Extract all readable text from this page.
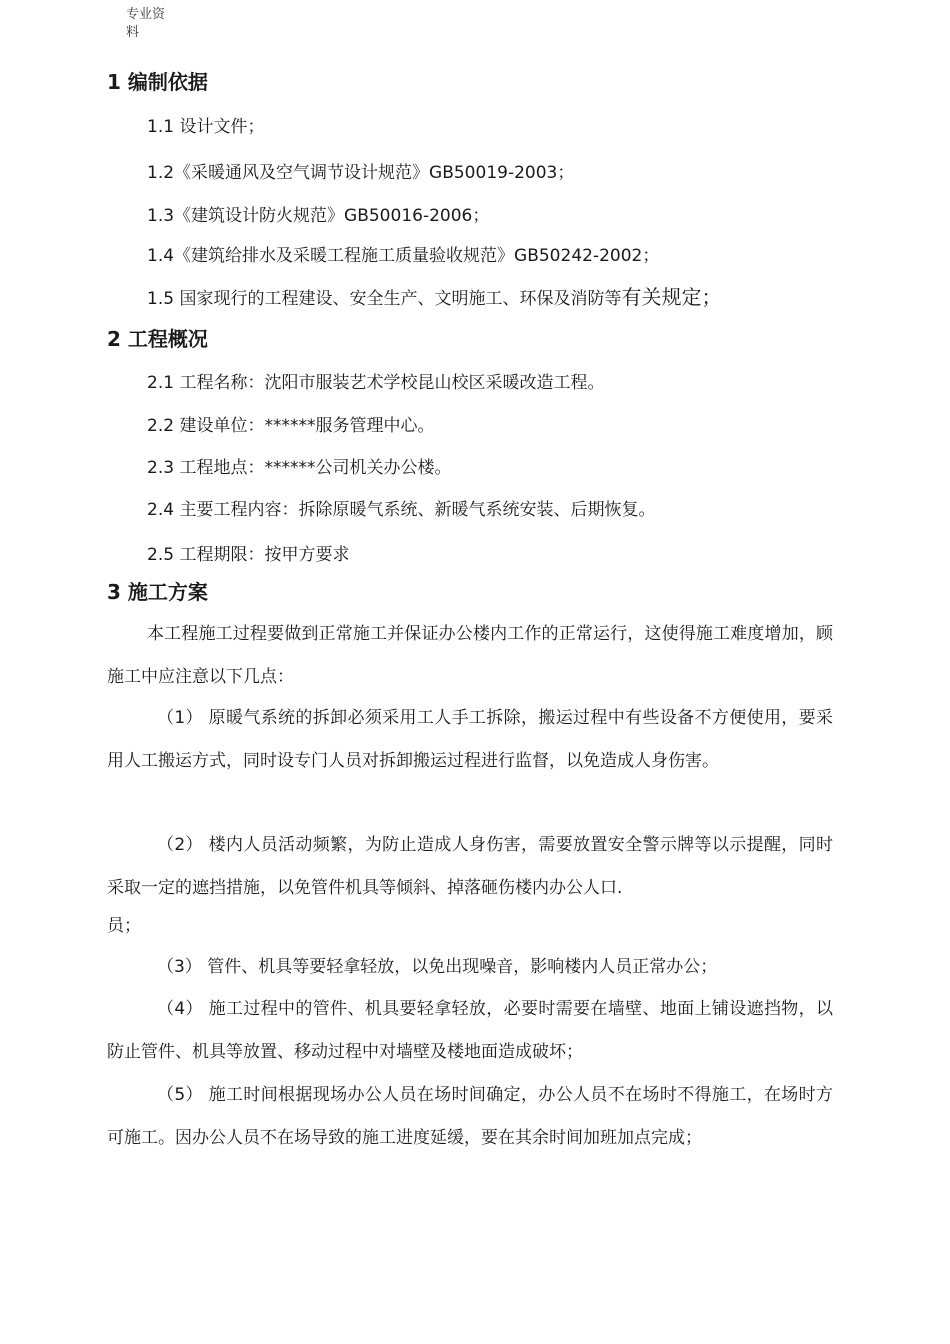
专业资
料
1 编制依据
1.1 设计文件；
1.2《采暖通风及空气调节设计规范》GB50019-2003；
1.3《建筑设计防火规范》GB50016-2006；
1.4《建筑给排水及采暖工程施工质量验收规范》GB50242-2002；
1.5 国家现行的工程建设、安全生产、文明施工、环保及消防等有关规定；
2 工程概况
2.1 工程名称：沈阳市服装艺术学校昆山校区采暖改造工程。
2.2 建设单位：******服务管理中心。
2.3 工程地点：******公司机关办公楼。
2.4 主要工程内容：拆除原暖气系统、新暖气系统安装、后期恢复。
2.5 工程期限：按甲方要求
3 施工方案
本工程施工过程要做到正常施工并保证办公楼内工作的正常运行，这使得施工难度增加，顾施工中应注意以下几点：
（1） 原暖气系统的拆卸必须采用工人手工拆除，搬运过程中有些设备不方便使用，要采用人工搬运方式，同时设专门人员对拆卸搬运过程进行监督，以免造成人身伤害。
（2） 楼内人员活动频繁，为防止造成人身伤害，需要放置安全警示牌等以示提醒，同时采取一定的遮挡措施，以免管件机具等倾斜、掉落砸伤楼内办公人口.
员；
（3） 管件、机具等要轻拿轻放，以免出现噪音，影响楼内人员正常办公；
（4） 施工过程中的管件、机具要轻拿轻放，必要时需要在墙壁、地面上铺设遮挡物，以防止管件、机具等放置、移动过程中对墙壁及楼地面造成破坏；
（5） 施工时间根据现场办公人员在场时间确定，办公人员不在场时不得施工，在场时方可施工。因办公人员不在场导致的施工进度延缓，要在其余时间加班加点完成；
